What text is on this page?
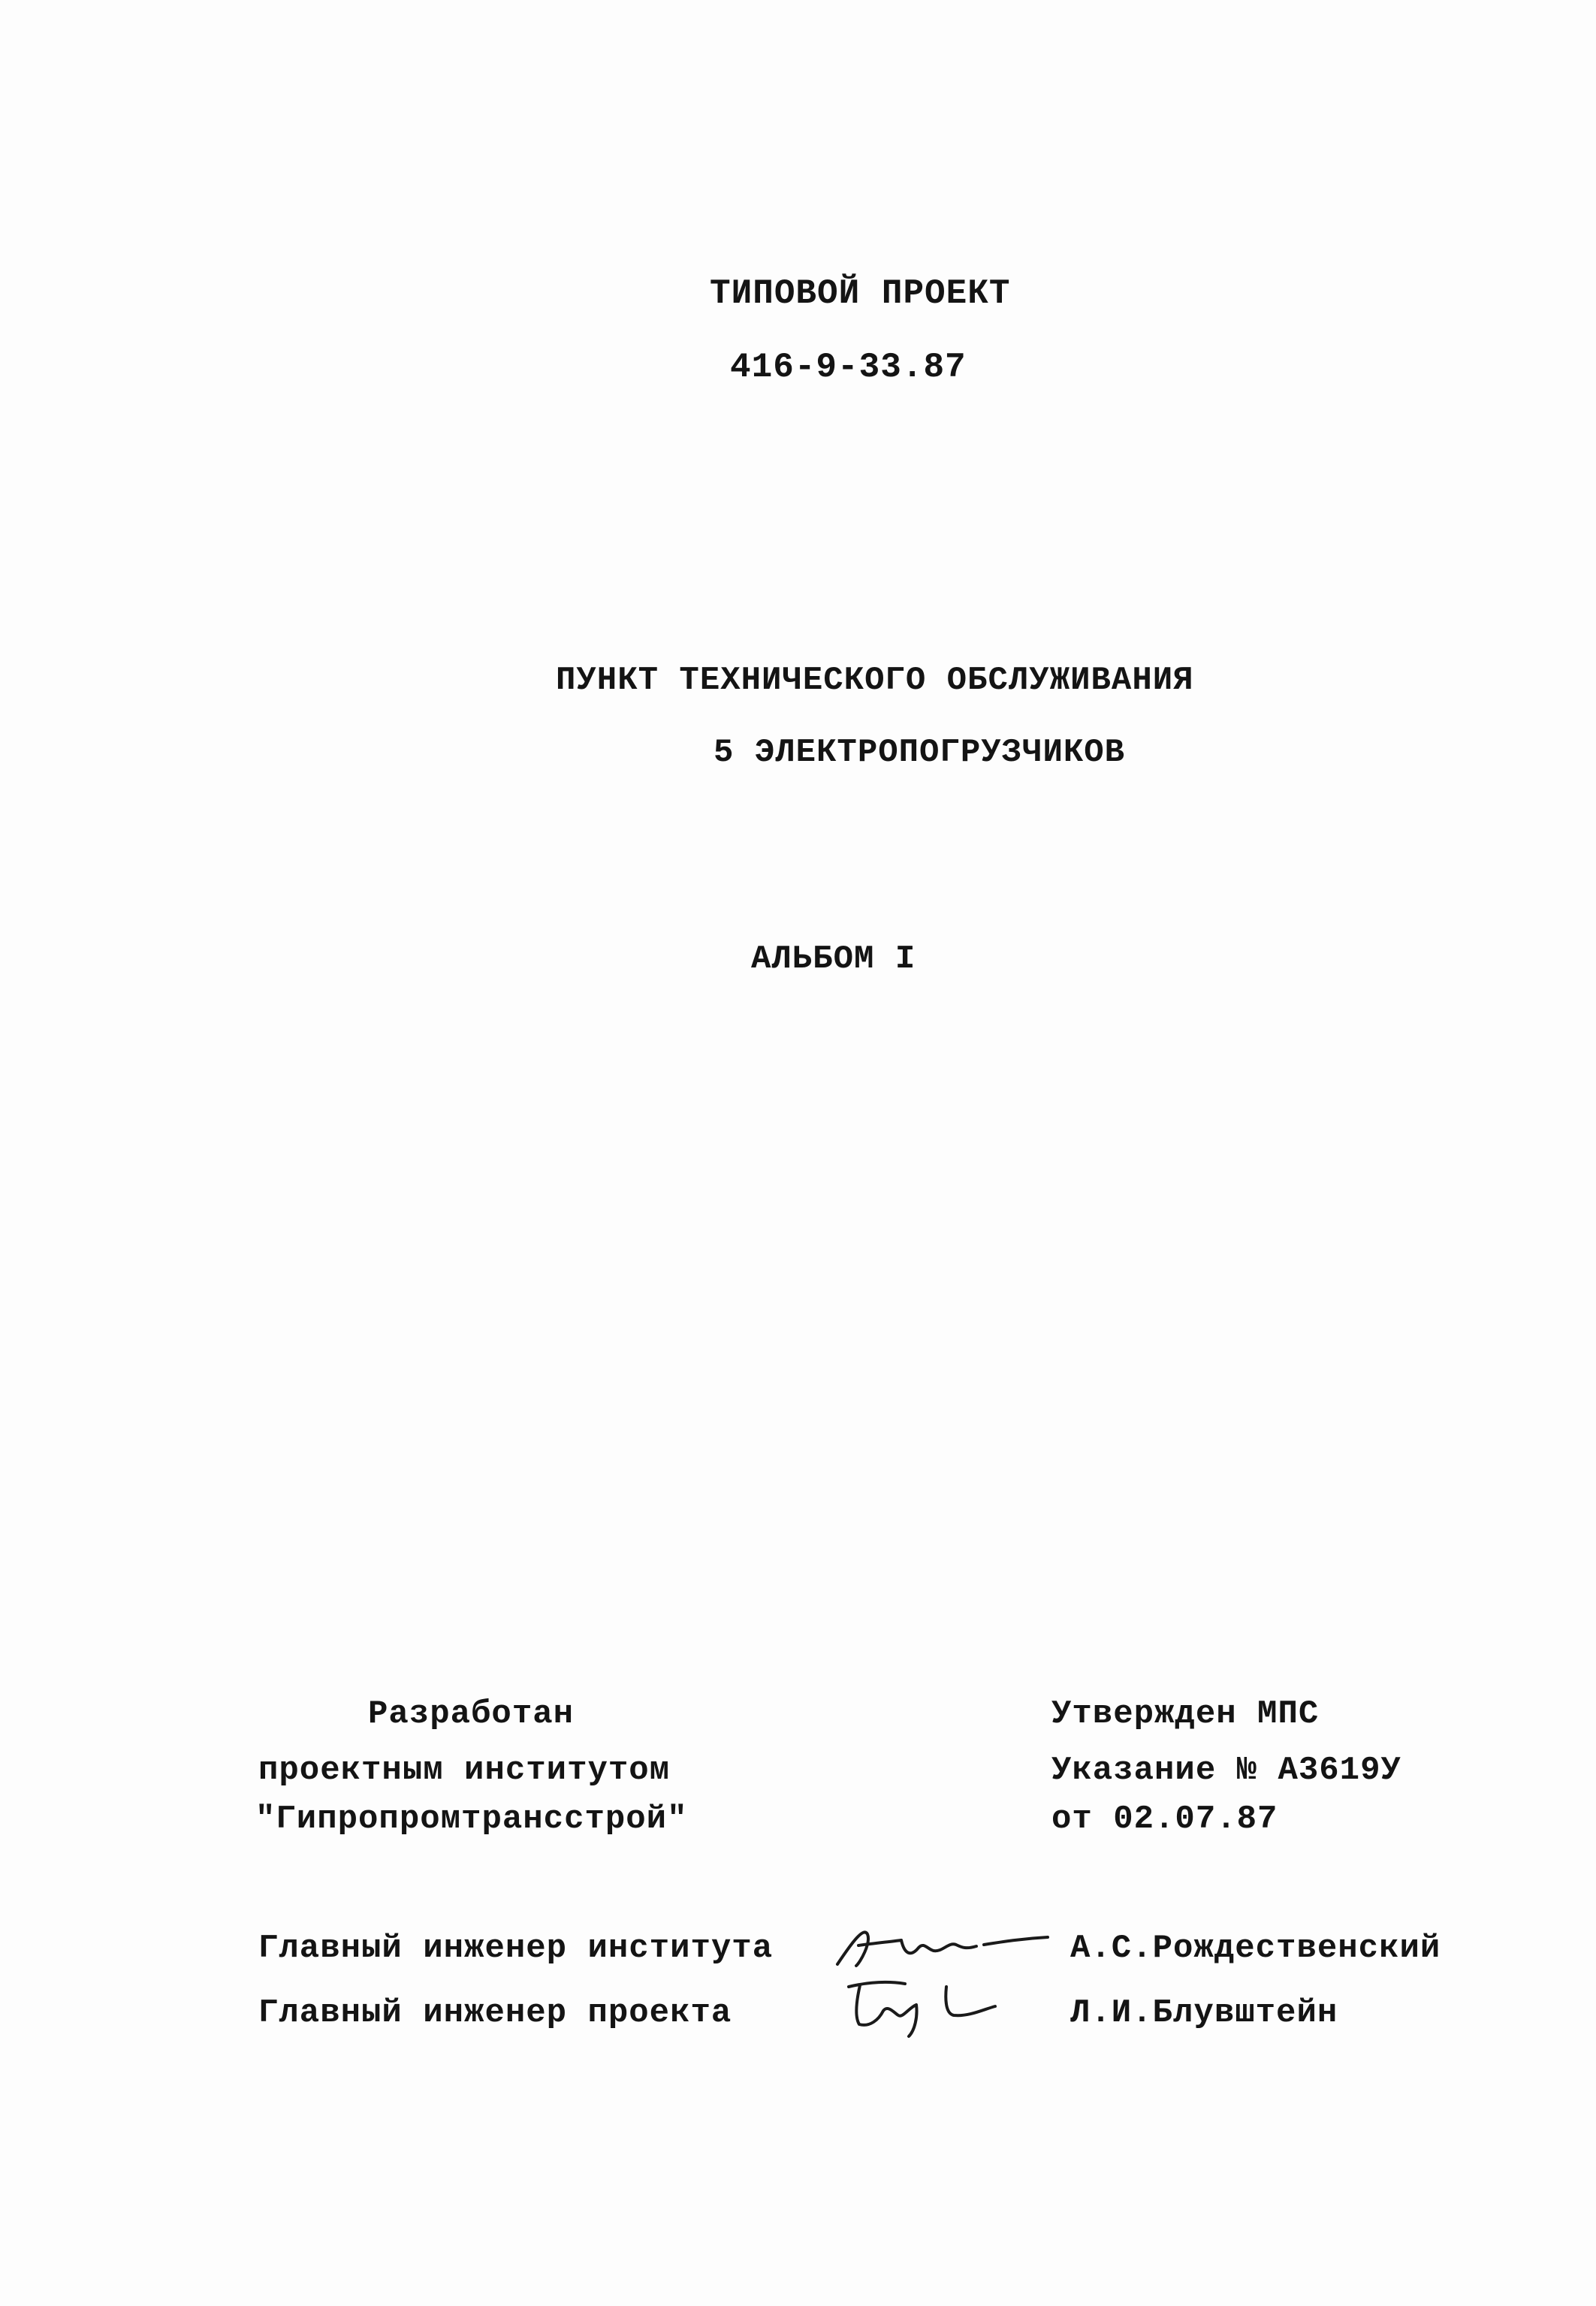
ТИПОВОЙ ПРОЕКТ
416-9-33.87
ПУНКТ ТЕХНИЧЕСКОГО ОБСЛУЖИВАНИЯ
5 ЭЛЕКТРОПОГРУЗЧИКОВ
АЛЬБОМ I
Разработан
проектным институтом
"Гипропромтрансстрой"
Утвержден МПС
Указание № А3619У
от 02.07.87
Главный инженер института	А.С.Рождественский
Главный инженер проекта	Л.И.Блувштейн
